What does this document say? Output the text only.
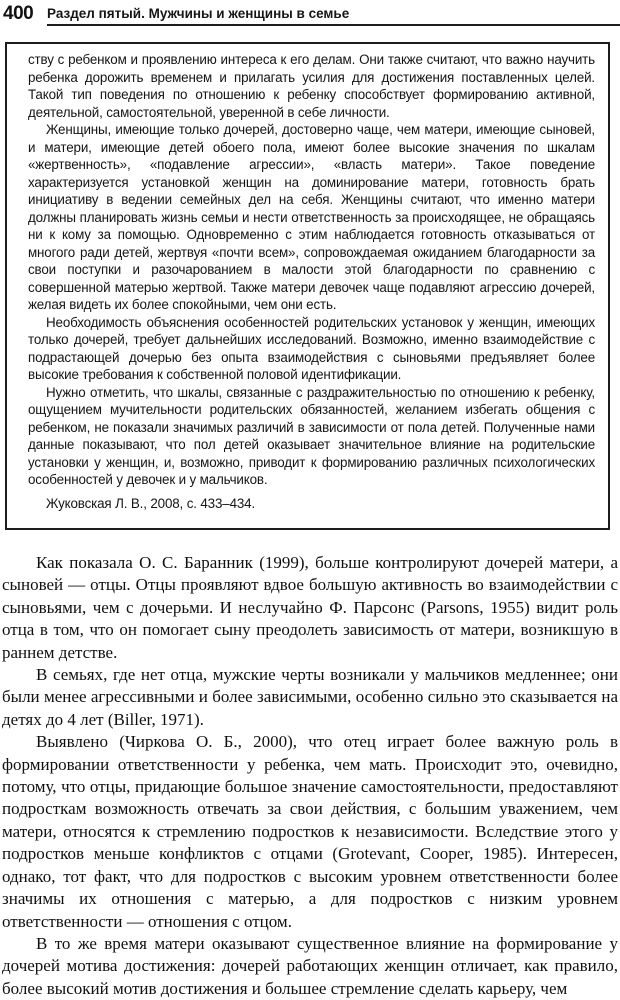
400 Раздел пятый. Мужчины и женщины в семье

ству с ребенком и проявлению интереса к его делам. Они также считают, что важно научить ребенка дорожить временем и прилагать усилия для достижения поставленных целей. Такой тип поведения по отношению к ребенку способствует формированию активной, деятельной, самостоятельной, уверенной в себе личности.

Женщины, имеющие только дочерей, достоверно чаще, чем матери, имеющие сыновей, и матери, имеющие детей обоего пола, имеют более высокие значения по шкалам «жертвенность», «подавление агрессии», «власть матери». Такое поведение характеризуется установкой женщин на доминирование матери, готовность брать инициативу в ведении семейных дел на себя. Женщины считают, что именно матери должны планировать жизнь семьи и нести ответственность за происходящее, не обращаясь ни к кому за помощью. Одновременно с этим наблюдается готовность отказываться от многого ради детей, жертвуя «почти всем», сопровождаемая ожиданием благодарности за свои поступки и разочарованием в малости этой благодарности по сравнению с совершенной матерью жертвой. Также матери девочек чаще подавляют агрессию дочерей, желая видеть их более спокойными, чем они есть.

Необходимость объяснения особенностей родительских установок у женщин, имеющих только дочерей, требует дальнейших исследований. Возможно, именно взаимодействие с подрастающей дочерью без опыта взаимодействия с сыновьями предъявляет более высокие требования к собственной половой идентификации.

Нужно отметить, что шкалы, связанные с раздражительностью по отношению к ребенку, ощущением мучительности родительских обязанностей, желанием избегать общения с ребенком, не показали значимых различий в зависимости от пола детей. Полученные нами данные показывают, что пол детей оказывает значительное влияние на родительские установки у женщин, и, возможно, приводит к формированию различных психологических особенностей у девочек и у мальчиков.

Жуковская Л. В., 2008, с. 433–434.

Как показала О. С. Баранник (1999), больше контролируют дочерей матери, а сыновей — отцы. Отцы проявляют вдвое большую активность во взаимодействии с сыновьями, чем с дочерьми. И неслучайно Ф. Парсонс (Parsons, 1955) видит роль отца в том, что он помогает сыну преодолеть зависимость от матери, возникшую в раннем детстве.

В семьях, где нет отца, мужские черты возникали у мальчиков медленнее; они были менее агрессивными и более зависимыми, особенно сильно это сказывается на детях до 4 лет (Biller, 1971).

Выявлено (Чиркова О. Б., 2000), что отец играет более важную роль в формировании ответственности у ребенка, чем мать. Происходит это, очевидно, потому, что отцы, придающие большое значение самостоятельности, предоставляют подросткам возможность отвечать за свои действия, с большим уважением, чем матери, относятся к стремлению подростков к независимости. Вследствие этого у подростков меньше конфликтов с отцами (Grotevant, Cooper, 1985). Интересен, однако, тот факт, что для подростков с высоким уровнем ответственности более значимы их отношения с матерью, а для подростков с низким уровнем ответственности — отношения с отцом.

В то же время матери оказывают существенное влияние на формирование у дочерей мотива достижения: дочерей работающих женщин отличает, как правило, более высокий мотив достижения и большее стремление сделать карьеру, чем
